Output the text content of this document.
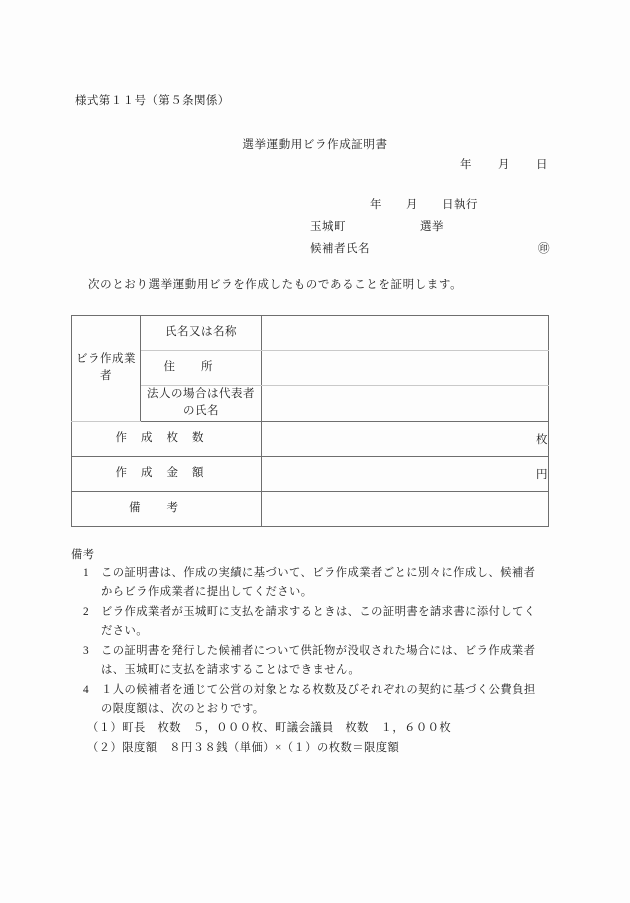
様式第１１号（第５条関係）
選挙運動用ビラ作成証明書
年 月 日
年 月 日執行
玉城町	選挙
候補者氏名	㊞
次のとおり選挙運動用ビラを作成したものであることを証明します。
ビラ作成業者	氏名又は名称	
	住所	

	法人の場合は代表者
の氏名	

作成枚数		枚
作成金額		円
備考		
備考
1	この証明書は、作成の実績に基づいて、ビラ作成業者ごとに別々に作成し、候補者
からビラ作成業者に提出してください。
2	ビラ作成業者が玉城町に支払を請求するときは、この証明書を請求書に添付してく
ださい。
3	この証明書を発行した候補者について供託物が没収された場合には、ビラ作成業者
は、玉城町に支払を請求することはできません。
4	１人の候補者を通じて公営の対象となる枚数及びそれぞれの契約に基づく公費負担
の限度額は、次のとおりです。
（１）町長　枚数　５，０００枚、町議会議員　枚数　１，６００枚
（２）限度額　８円３８銭（単価）×（１）の枚数＝限度額
